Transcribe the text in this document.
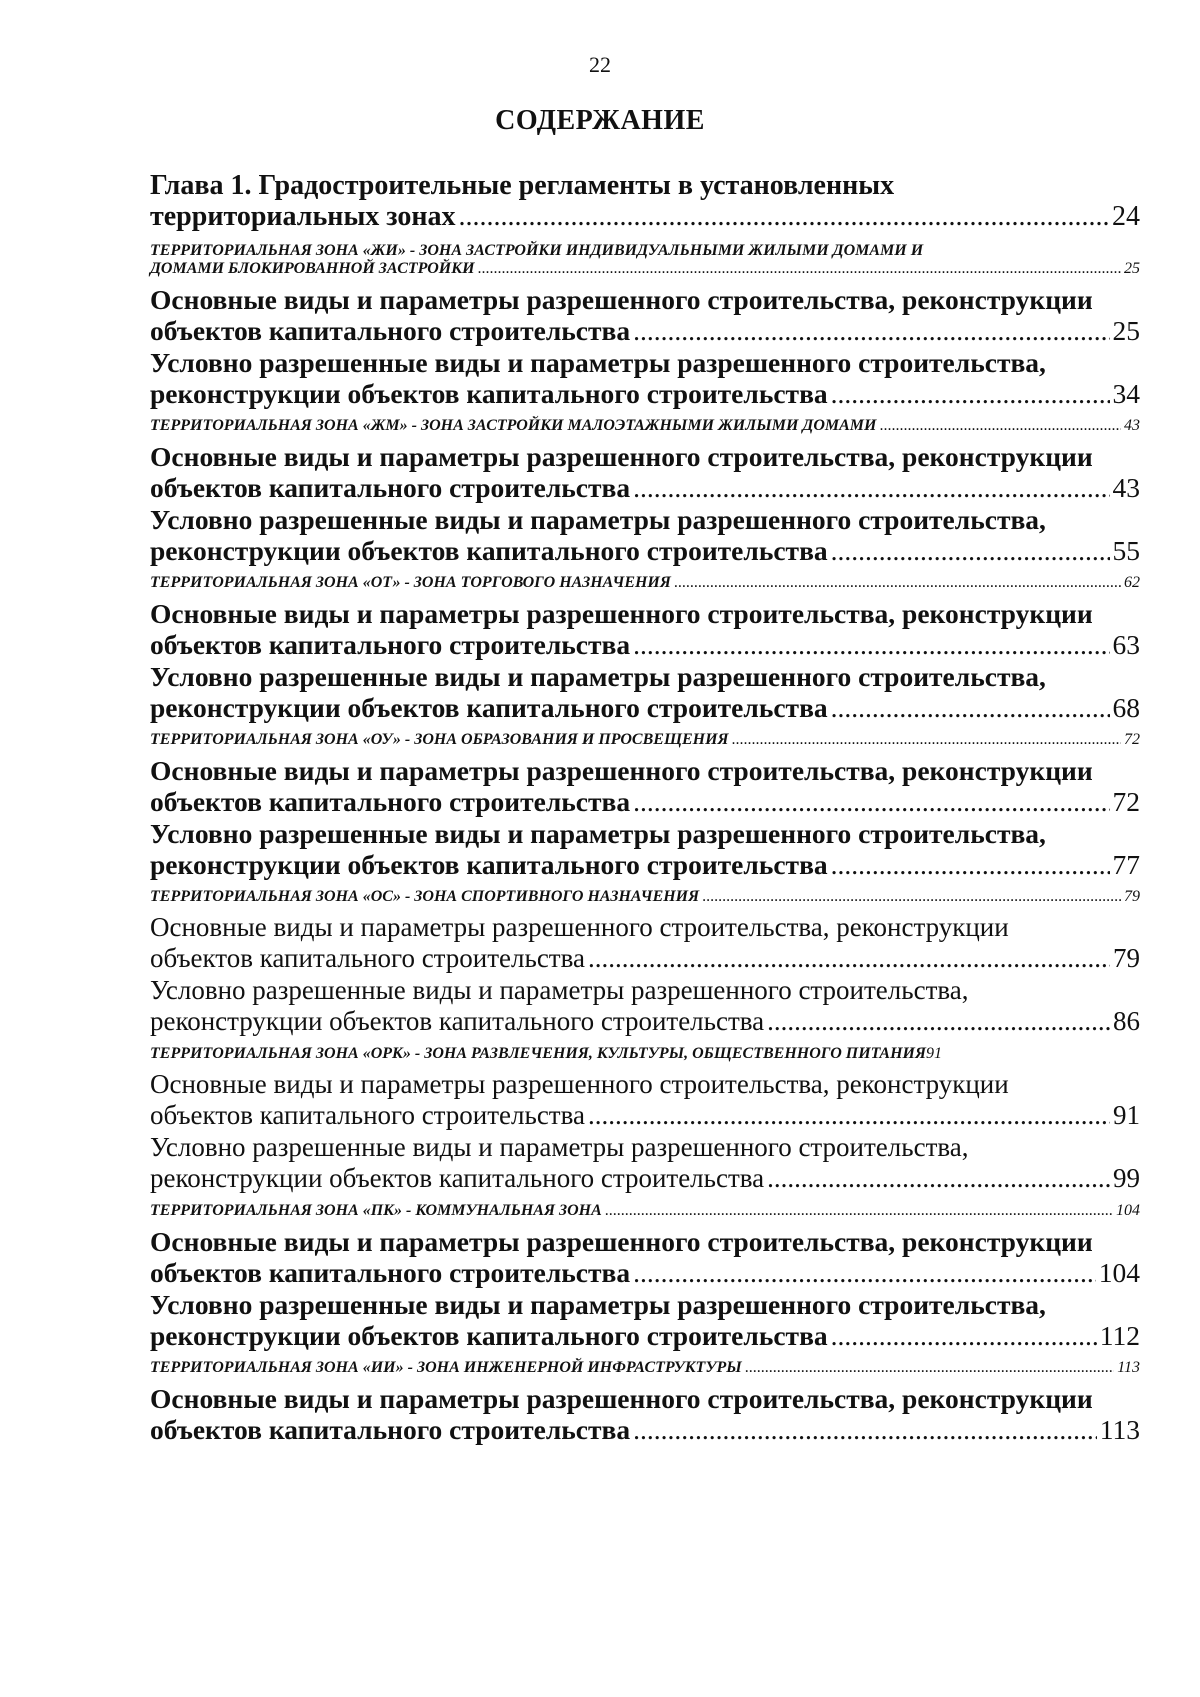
22
СОДЕРЖАНИЕ
Глава 1. Градостроительные регламенты в установленных
территориальных зонах .....	24
ТЕРРИТОРИАЛЬНАЯ ЗОНА «ЖИ» - ЗОНА ЗАСТРОЙКИ ИНДИВИДУАЛЬНЫМИ ЖИЛЫМИ ДОМАМИ И
ДОМАМИ БЛОКИРОВАННОЙ ЗАСТРОЙКИ .....	25
Основные виды и параметры разрешенного строительства, реконструкции
объектов капитального строительства .....	25
Условно разрешенные виды и параметры разрешенного строительства,
реконструкции объектов капитального строительства .....	34
ТЕРРИТОРИАЛЬНАЯ ЗОНА «ЖМ» - ЗОНА ЗАСТРОЙКИ МАЛОЭТАЖНЫМИ ЖИЛЫМИ ДОМАМИ .....	43
Основные виды и параметры разрешенного строительства, реконструкции
объектов капитального строительства .....	43
Условно разрешенные виды и параметры разрешенного строительства,
реконструкции объектов капитального строительства .....	55
ТЕРРИТОРИАЛЬНАЯ ЗОНА «ОТ» - ЗОНА ТОРГОВОГО НАЗНАЧЕНИЯ .....	62
Основные виды и параметры разрешенного строительства, реконструкции
объектов капитального строительства .....	63
Условно разрешенные виды и параметры разрешенного строительства,
реконструкции объектов капитального строительства .....	68
ТЕРРИТОРИАЛЬНАЯ ЗОНА «ОУ» - ЗОНА ОБРАЗОВАНИЯ И ПРОСВЕЩЕНИЯ .....	72
Основные виды и параметры разрешенного строительства, реконструкции
объектов капитального строительства .....	72
Условно разрешенные виды и параметры разрешенного строительства,
реконструкции объектов капитального строительства .....	77
ТЕРРИТОРИАЛЬНАЯ ЗОНА «ОС» - ЗОНА СПОРТИВНОГО НАЗНАЧЕНИЯ .....	79
Основные виды и параметры разрешенного строительства, реконструкции
объектов капитального строительства .....	79
Условно разрешенные виды и параметры разрешенного строительства,
реконструкции объектов капитального строительства .....	86
ТЕРРИТОРИАЛЬНАЯ ЗОНА «ОРК» - ЗОНА РАЗВЛЕЧЕНИЯ, КУЛЬТУРЫ, ОБЩЕСТВЕННОГО ПИТАНИЯ 91
Основные виды и параметры разрешенного строительства, реконструкции
объектов капитального строительства .....	91
Условно разрешенные виды и параметры разрешенного строительства,
реконструкции объектов капитального строительства .....	99
ТЕРРИТОРИАЛЬНАЯ ЗОНА «ПК» - КОММУНАЛЬНАЯ ЗОНА .....	104
Основные виды и параметры разрешенного строительства, реконструкции
объектов капитального строительства .....	104
Условно разрешенные виды и параметры разрешенного строительства,
реконструкции объектов капитального строительства .....	112
ТЕРРИТОРИАЛЬНАЯ ЗОНА «ИИ» - ЗОНА ИНЖЕНЕРНОЙ ИНФРАСТРУКТУРЫ .....	113
Основные виды и параметры разрешенного строительства, реконструкции
объектов капитального строительства .....	113
